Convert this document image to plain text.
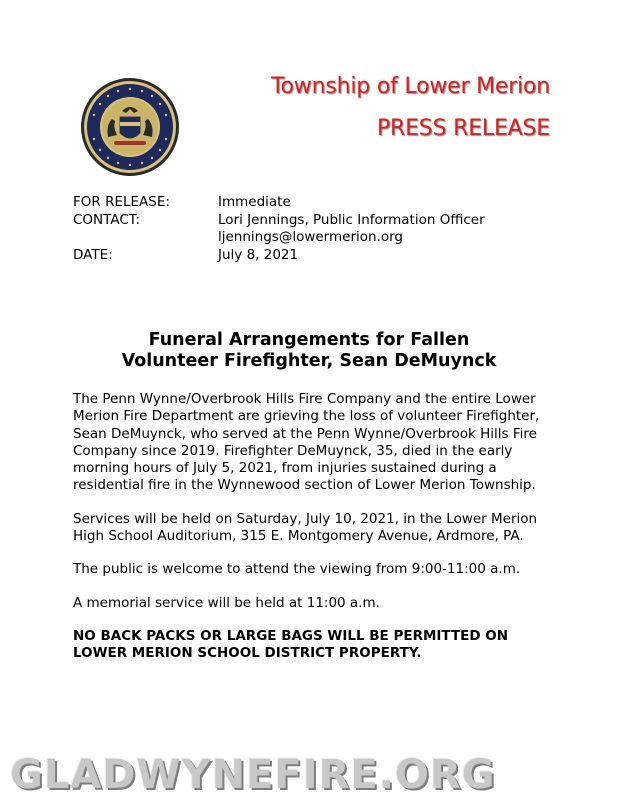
Township of Lower Merion
PRESS RELEASE
FOR RELEASE:	Immediate
CONTACT:	Lori Jennings, Public Information Officer
ljennings@lowermerion.org
DATE:	July 8, 2021
Funeral Arrangements for Fallen
Volunteer Firefighter, Sean DeMuynck

The Penn Wynne/Overbrook Hills Fire Company and the entire Lower Merion Fire Department are grieving the loss of volunteer Firefighter, Sean DeMuynck, who served at the Penn Wynne/Overbrook Hills Fire Company since 2019. Firefighter DeMuynck, 35, died in the early morning hours of July 5, 2021, from injuries sustained during a residential fire in the Wynnewood section of Lower Merion Township.

Services will be held on Saturday, July 10, 2021, in the Lower Merion High School Auditorium, 315 E. Montgomery Avenue, Ardmore, PA.

The public is welcome to attend the viewing from 9:00-11:00 a.m.

A memorial service will be held at 11:00 a.m.

NO BACK PACKS OR LARGE BAGS WILL BE PERMITTED ON LOWER MERION SCHOOL DISTRICT PROPERTY.

GLADWYNEFIRE.ORG
